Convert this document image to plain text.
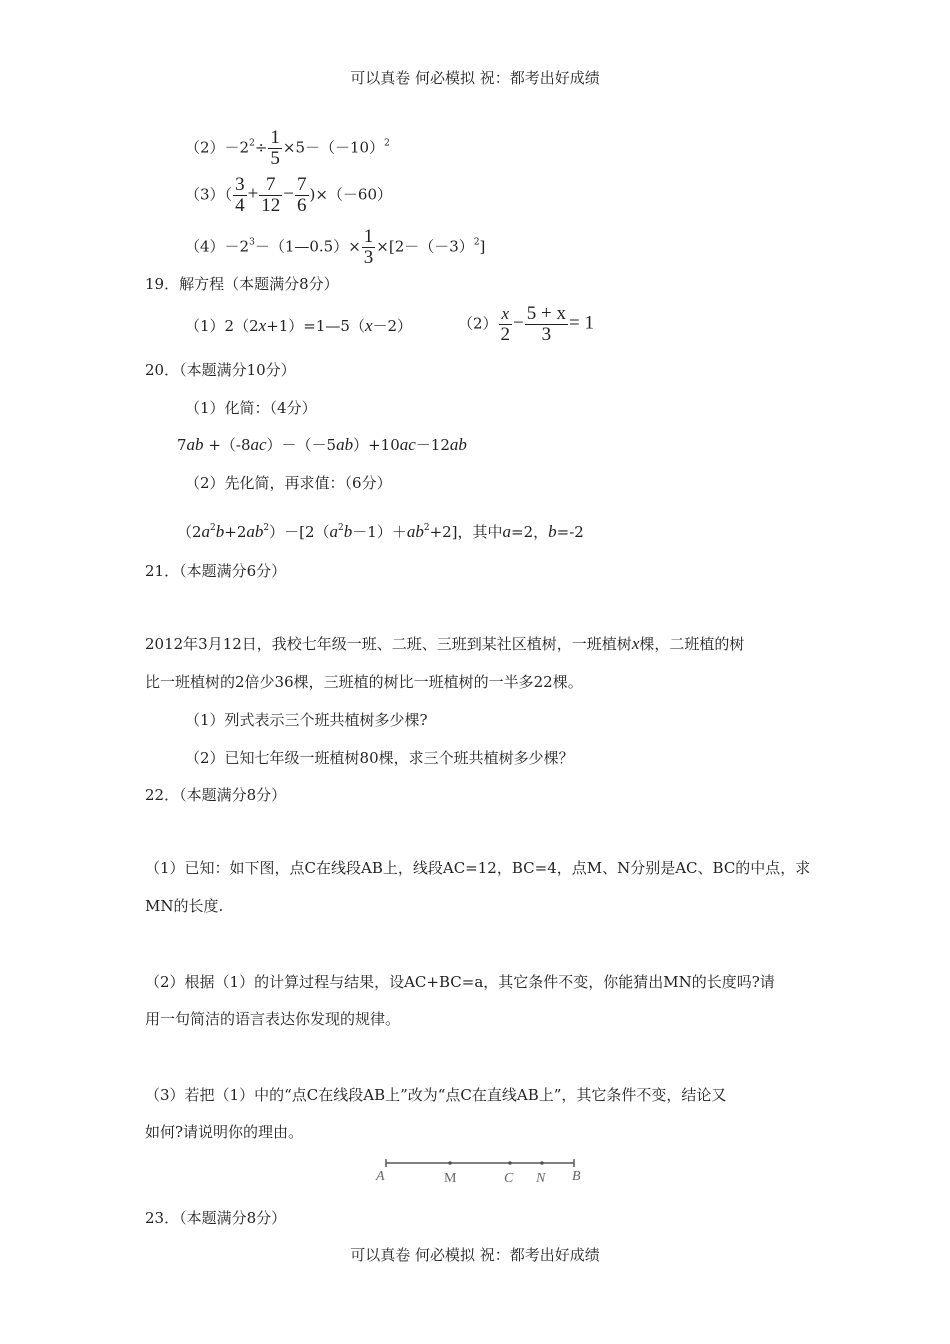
可以真卷 何必模拟 祝：都考出好成绩
$(2)-2^2\div \frac{1}{5} \times 5-(-10)^2$
$(3)( \frac{3}{4} + \frac{7}{12} - \frac{7}{6} )\times(-60)$
$(4)-2^3-(1—0.5)\times \frac{1}{3} \times[2-(-3)^2]$
19．解方程（本题满分8分）
（1）2（2x+1）=1—5（x－2）	$(2) \frac{x}{2} - \frac{5 + x}{3} = 1$
20．（本题满分10分）
（1）化简：（4分）
7ab +（-8ac）－（－5ab）+10ac－12ab
（2）先化简，再求值：（6分）
$(2a^2b+2ab^2)-[2(a^2b-1)+ab^2+2]$，其中a=2，b=-2
21．（本题满分6分）
2012年3月12日，我校七年级一班、二班、三班到某社区植树，一班植树x棵，二班植的树
比一班植树的2倍少36棵，三班植的树比一班植树的一半多22棵。
（1）列式表示三个班共植树多少棵?
（2）已知七年级一班植树80棵，求三个班共植树多少棵？
22．（本题满分8分）
（1）已知：如下图，点C在线段AB上，线段AC=12，BC=4，点M、N分别是AC、BC的中点，求
MN的长度.
（2）根据（1）的计算过程与结果，设AC+BC=a，其它条件不变，你能猜出MN的长度吗?请
用一句简洁的语言表达你发现的规律。
（3）若把（1）中的“点C在线段AB上”改为“点C在直线AB上”，其它条件不变，结论又
如何?请说明你的理由。
A	M	C N B
23．（本题满分8分）
可以真卷 何必模拟 祝：都考出好成绩
